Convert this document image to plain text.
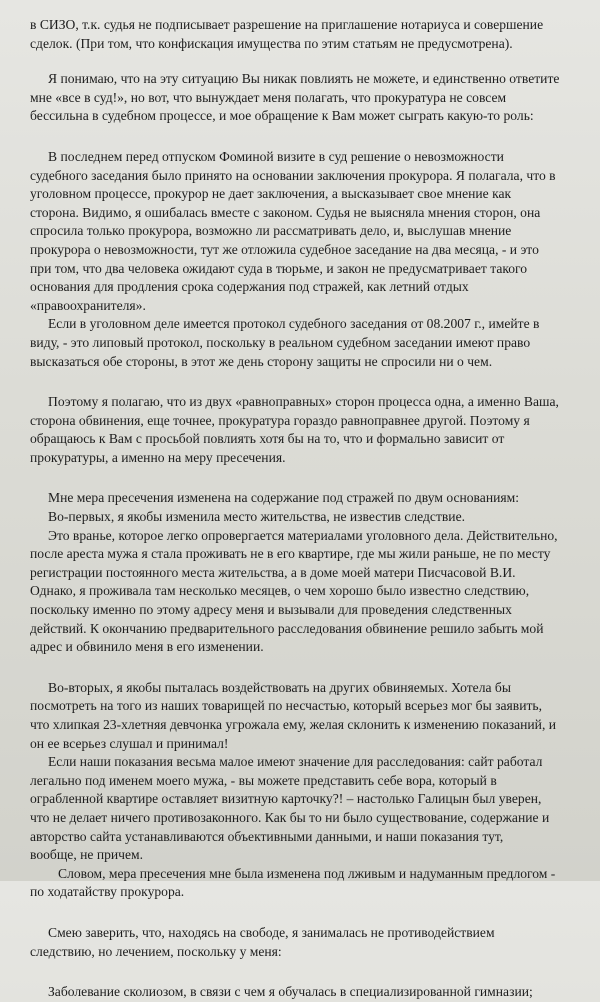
в СИЗО, т.к. судья не подписывает разрешение на приглашение нотариуса и совершение
сделок. (При том, что конфискация имущества по этим статьям не предусмотрена).
Я понимаю, что на эту ситуацию Вы никак повлиять не можете, и единственно ответите
мне «все в суд!», но вот, что вынуждает меня полагать, что прокуратура не совсем
бессильна в судебном процессе, и мое обращение к Вам может сыграть какую-то роль:
В последнем перед отпуском Фоминой визите в суд решение о невозможности
судебного заседания было принято на основании заключения прокурора. Я полагала, что в
уголовном процессе, прокурор не дает заключения, а высказывает свое мнение как
сторона. Видимо, я ошибалась вместе с законом. Судья не выясняла мнения сторон, она
спросила только прокурора, возможно ли рассматривать дело, и, выслушав мнение
прокурора о невозможности, тут же отложила судебное заседание на два месяца, - и это
при том, что два человека ожидают суда в тюрьме, и закон не предусматривает такого
основания для продления срока содержания под стражей, как летний отдых
«правоохранителя».
Если в уголовном деле имеется протокол судебного заседания от 08.2007 г., имейте в
виду, - это липовый протокол, поскольку в реальном судебном заседании имеют право
высказаться обе стороны, в этот же день сторону защиты не спросили ни о чем.
Поэтому я полагаю, что из двух «равноправных» сторон процесса одна, а именно Ваша,
сторона обвинения, еще точнее, прокуратура гораздо равноправнее другой. Поэтому я
обращаюсь к Вам с просьбой повлиять хотя бы на то, что и формально зависит от
прокуратуры, а именно на меру пресечения.
Мне мера пресечения изменена на содержание под стражей по двум основаниям:
Во-первых, я якобы изменила место жительства, не известив следствие.
Это вранье, которое легко опровергается материалами уголовного дела. Действительно,
после ареста мужа я стала проживать не в его квартире, где мы жили раньше, не по месту
регистрации постоянного места жительства, а в доме моей матери Писчасовой В.И.
Однако, я проживала там несколько месяцев, о чем хорошо было известно следствию,
поскольку именно по этому адресу меня и вызывали для проведения следственных
действий. К окончанию предварительного расследования обвинение решило забыть мой
адрес и обвинило меня в его изменении.
Во-вторых, я якобы пыталась воздействовать на других обвиняемых. Хотела бы
посмотреть на того из наших товарищей по несчастью, который всерьез мог бы заявить,
что хлипкая 23-хлетняя девчонка угрожала ему, желая склонить к изменению показаний, и
он ее всерьез слушал и принимал!
Если наши показания весьма малое имеют значение для расследования: сайт работал
легально под именем моего мужа, - вы можете представить себе вора, который в
ограбленной квартире оставляет визитную карточку?! – настолько Галицын был уверен,
что не делает ничего противозаконного. Как бы то ни было существование, содержание и
авторство сайта устанавливаются объективными данными, и наши показания тут,
вообще, не причем.
Словом, мера пресечения мне была изменена под лживым и надуманным предлогом -
по ходатайству прокурора.
Смею заверить, что, находясь на свободе, я занималась не противодействием
следствию, но лечением, поскольку у меня:
Заболевание сколиозом, в связи с чем я обучалась в специализированной гимназии;
